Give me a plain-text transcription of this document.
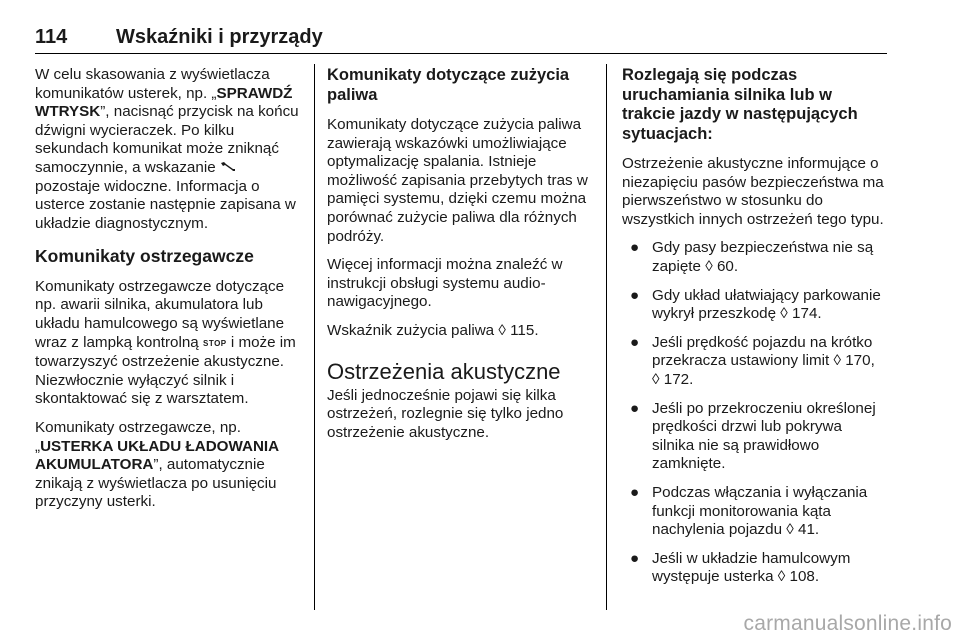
114 Wskaźniki i przyrządy

W celu skasowania z wyświetlacza komunikatów usterek, np. „SPRAWDŹ WTRYSK”, nacisnąć przycisk na końcu dźwigni wycieraczek. Po kilku sekundach komunikat może zniknąć samoczynnie, a wskazanie  pozostaje widoczne. Informacja o usterce zostanie następnie zapisana w układzie diagnostycznym.

Komunikaty ostrzegawcze

Komunikaty ostrzegawcze dotyczące np. awarii silnika, akumulatora lub układu hamulcowego są wyświetlane wraz z lampką kontrolną STOP i może im towarzyszyć ostrzeżenie akustyczne. Niezwłocznie wyłączyć silnik i skontaktować się z warsztatem.

Komunikaty ostrzegawcze, np. „USTERKA UKŁADU ŁADOWANIA AKUMULATORA”, automatycznie znikają z wyświetlacza po usunięciu przyczyny usterki.

Komunikaty dotyczące zużycia paliwa

Komunikaty dotyczące zużycia paliwa zawierają wskazówki umożliwiające optymalizację spalania. Istnieje możliwość zapisania przebytych tras w pamięci systemu, dzięki czemu można porównać zużycie paliwa dla różnych podróży.

Więcej informacji można znaleźć w instrukcji obsługi systemu audio-nawigacyjnego.

Wskaźnik zużycia paliwa ◊ 115.

Ostrzeżenia akustyczne

Jeśli jednocześnie pojawi się kilka ostrzeżeń, rozlegnie się tylko jedno ostrzeżenie akustyczne.

Rozlegają się podczas uruchamiania silnika lub w trakcie jazdy w następujących sytuacjach:

Ostrzeżenie akustyczne informujące o niezapięciu pasów bezpieczeństwa ma pierwszeństwo w stosunku do wszystkich innych ostrzeżeń tego typu.

● Gdy pasy bezpieczeństwa nie są zapięte ◊ 60.
● Gdy układ ułatwiający parkowanie wykrył przeszkodę ◊ 174.
● Jeśli prędkość pojazdu na krótko przekracza ustawiony limit ◊ 170, ◊ 172.
● Jeśli po przekroczeniu określonej prędkości drzwi lub pokrywa silnika nie są prawidłowo zamknięte.
● Podczas włączania i wyłączania funkcji monitorowania kąta nachylenia pojazdu ◊ 41.
● Jeśli w układzie hamulcowym występuje usterka ◊ 108.
carmanualsonline.info
